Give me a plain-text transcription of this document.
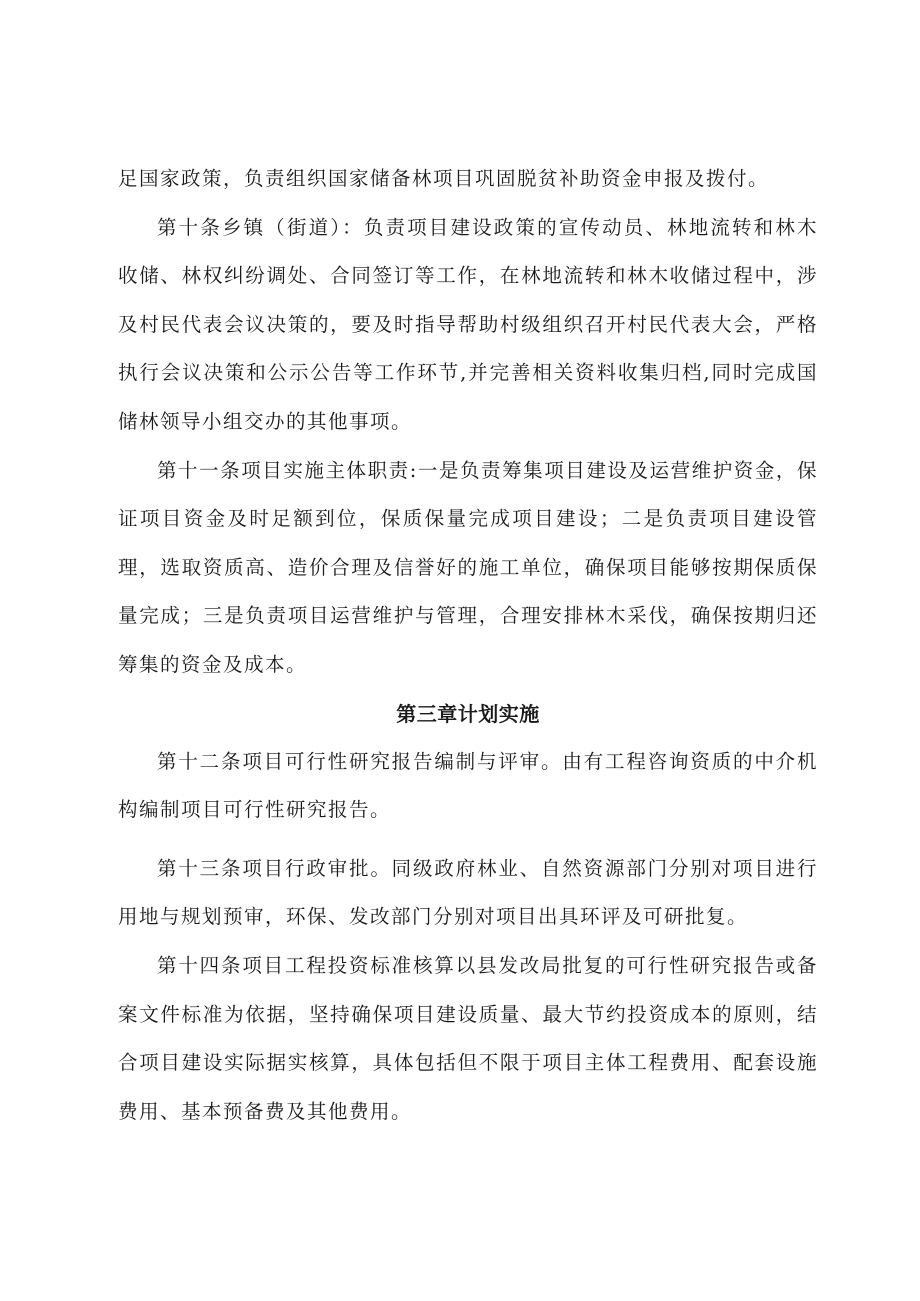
足国家政策，负责组织国家储备林项目巩固脱贫补助资金申报及拨付。

第十条乡镇（街道）：负责项目建设政策的宣传动员、林地流转和林木收储、林权纠纷调处、合同签订等工作，在林地流转和林木收储过程中，涉及村民代表会议决策的，要及时指导帮助村级组织召开村民代表大会，严格执行会议决策和公示公告等工作环节,并完善相关资料收集归档,同时完成国储林领导小组交办的其他事项。

第十一条项目实施主体职责:一是负责筹集项目建设及运营维护资金，保证项目资金及时足额到位，保质保量完成项目建设；二是负责项目建设管理，选取资质高、造价合理及信誉好的施工单位，确保项目能够按期保质保量完成；三是负责项目运营维护与管理，合理安排林木采伐，确保按期归还筹集的资金及成本。

第三章计划实施

第十二条项目可行性研究报告编制与评审。由有工程咨询资质的中介机构编制项目可行性研究报告。

第十三条项目行政审批。同级政府林业、自然资源部门分别对项目进行用地与规划预审，环保、发改部门分别对项目出具环评及可研批复。

第十四条项目工程投资标准核算以县发改局批复的可行性研究报告或备案文件标准为依据，坚持确保项目建设质量、最大节约投资成本的原则，结合项目建设实际据实核算，具体包括但不限于项目主体工程费用、配套设施费用、基本预备费及其他费用。
